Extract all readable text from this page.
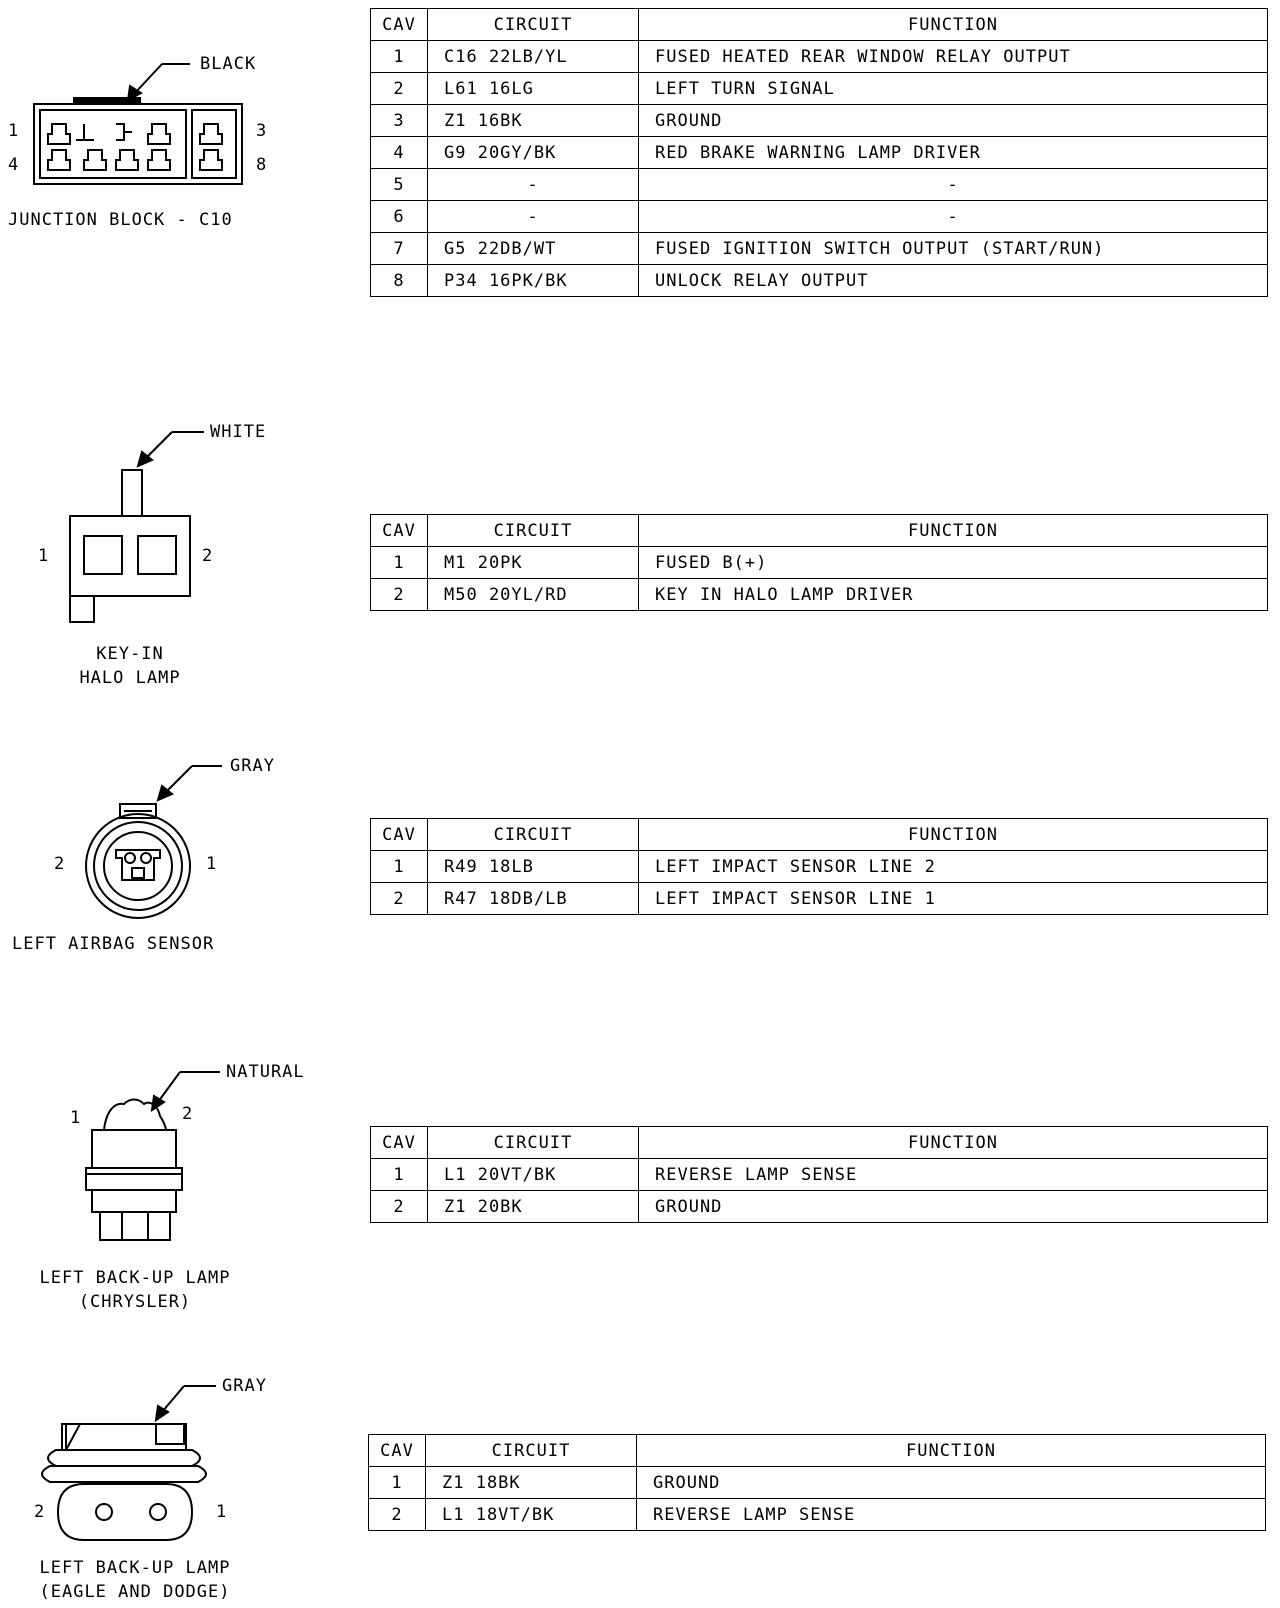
BLACK
1
4
3
8
JUNCTION BLOCK - C10
CAV	CIRCUIT	FUNCTION
1	C16 22LB/YL	FUSED HEATED REAR WINDOW RELAY OUTPUT
2	L61 16LG	LEFT TURN SIGNAL
3	Z1 16BK	GROUND
4	G9 20GY/BK	RED BRAKE WARNING LAMP DRIVER
5	-	-
6	-	-
7	G5 22DB/WT	FUSED IGNITION SWITCH OUTPUT (START/RUN)
8	P34 16PK/BK	UNLOCK RELAY OUTPUT
WHITE
1	2
KEY-IN
HALO LAMP
CAV	CIRCUIT	FUNCTION
1	M1 20PK	FUSED B(+)
2	M50 20YL/RD	KEY IN HALO LAMP DRIVER
GRAY
2	1
LEFT AIRBAG SENSOR
CAV	CIRCUIT	FUNCTION
1	R49 18LB	LEFT IMPACT SENSOR LINE 2
2	R47 18DB/LB	LEFT IMPACT SENSOR LINE 1
NATURAL
1	2
LEFT BACK-UP LAMP
(CHRYSLER)
CAV	CIRCUIT	FUNCTION
1	L1 20VT/BK	REVERSE LAMP SENSE
2	Z1 20BK	GROUND
GRAY
2	1
LEFT BACK-UP LAMP
(EAGLE AND DODGE)
CAV	CIRCUIT	FUNCTION
1	Z1 18BK	GROUND
2	L1 18VT/BK	REVERSE LAMP SENSE
